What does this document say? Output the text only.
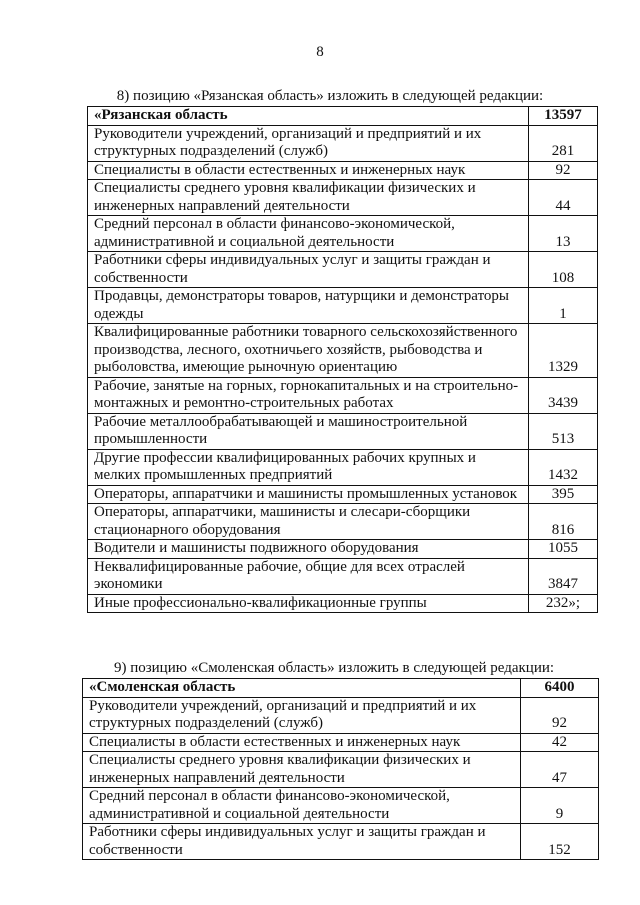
8
8) позицию «Рязанская область» изложить в следующей редакции:
«Рязанская область	13597
Руководители учреждений, организаций и предприятий и их структурных подразделений (служб)	281
Специалисты в области естественных и инженерных наук	92
Специалисты среднего уровня квалификации физических и инженерных направлений деятельности	44
Средний персонал в области финансово-экономической, административной и социальной деятельности	13
Работники сферы индивидуальных услуг и защиты граждан и собственности	108
Продавцы, демонстраторы товаров, натурщики и демонстраторы одежды	1
Квалифицированные работники товарного сельскохозяйственного производства, лесного, охотничьего хозяйств, рыбоводства и рыболовства, имеющие рыночную ориентацию	1329
Рабочие, занятые на горных, горнокапитальных и на строительно-монтажных и ремонтно-строительных работах	3439
Рабочие металлообрабатывающей и машиностроительной промышленности	513
Другие профессии квалифицированных рабочих крупных и мелких промышленных предприятий	1432
Операторы, аппаратчики и машинисты промышленных установок	395
Операторы, аппаратчики, машинисты и слесари-сборщики стационарного оборудования	816
Водители и машинисты подвижного оборудования	1055
Неквалифицированные рабочие, общие для всех отраслей экономики	3847
Иные профессионально-квалификационные группы	232»;
9) позицию «Смоленская область» изложить в следующей редакции:
«Смоленская область	6400
Руководители учреждений, организаций и предприятий и их структурных подразделений (служб)	92
Специалисты в области естественных и инженерных наук	42
Специалисты среднего уровня квалификации физических и инженерных направлений деятельности	47
Средний персонал в области финансово-экономической, административной и социальной деятельности	9
Работники сферы индивидуальных услуг и защиты граждан и собственности	152
